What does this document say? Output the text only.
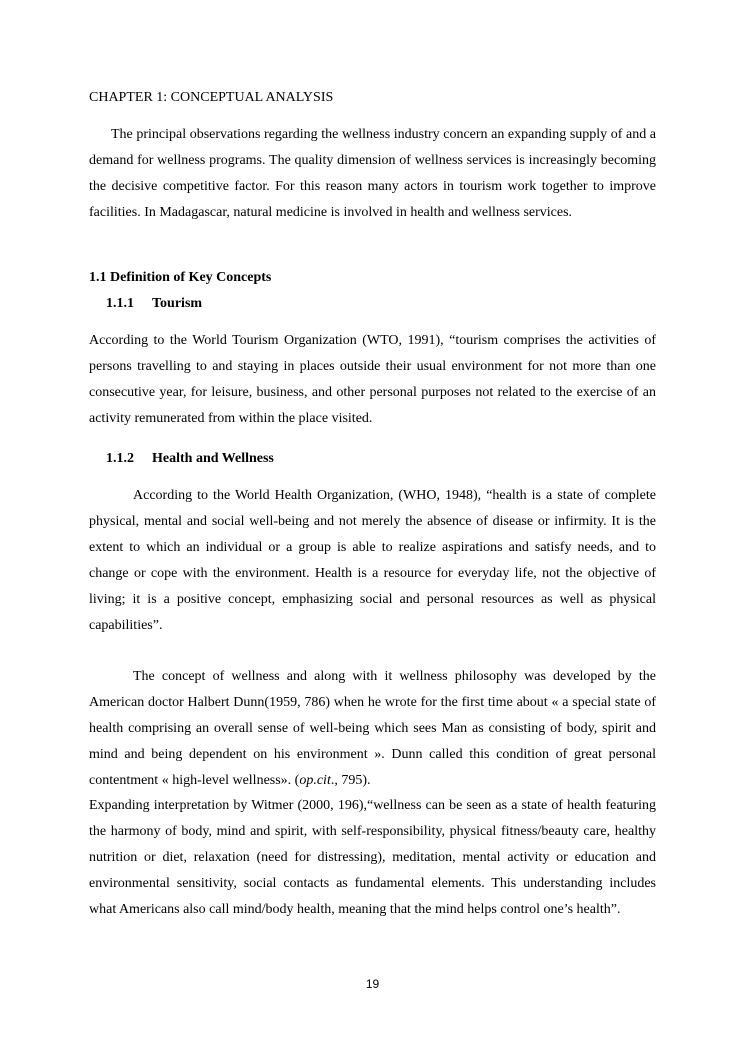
CHAPTER 1: CONCEPTUAL ANALYSIS

The principal observations regarding the wellness industry concern an expanding supply of and a demand for wellness programs. The quality dimension of wellness services is increasingly becoming the decisive competitive factor. For this reason many actors in tourism work together to improve facilities. In Madagascar, natural medicine is involved in health and wellness services.

1.1 Definition of Key Concepts
1.1.1 Tourism

According to the World Tourism Organization (WTO, 1991), “tourism comprises the activities of persons travelling to and staying in places outside their usual environment for not more than one consecutive year, for leisure, business, and other personal purposes not related to the exercise of an activity remunerated from within the place visited.

1.1.2 Health and Wellness

According to the World Health Organization, (WHO, 1948), “health is a state of complete physical, mental and social well-being and not merely the absence of disease or infirmity. It is the extent to which an individual or a group is able to realize aspirations and satisfy needs, and to change or cope with the environment. Health is a resource for everyday life, not the objective of living; it is a positive concept, emphasizing social and personal resources as well as physical capabilities”.

The concept of wellness and along with it wellness philosophy was developed by the American doctor Halbert Dunn(1959, 786) when he wrote for the first time about « a special state of health comprising an overall sense of well-being which sees Man as consisting of body, spirit and mind and being dependent on his environment ». Dunn called this condition of great personal contentment « high-level wellness». (op.cit., 795).

Expanding interpretation by Witmer (2000, 196),“wellness can be seen as a state of health featuring the harmony of body, mind and spirit, with self-responsibility, physical fitness/beauty care, healthy nutrition or diet, relaxation (need for distressing), meditation, mental activity or education and environmental sensitivity, social contacts as fundamental elements. This understanding includes what Americans also call mind/body health, meaning that the mind helps control one’s health”.

19
